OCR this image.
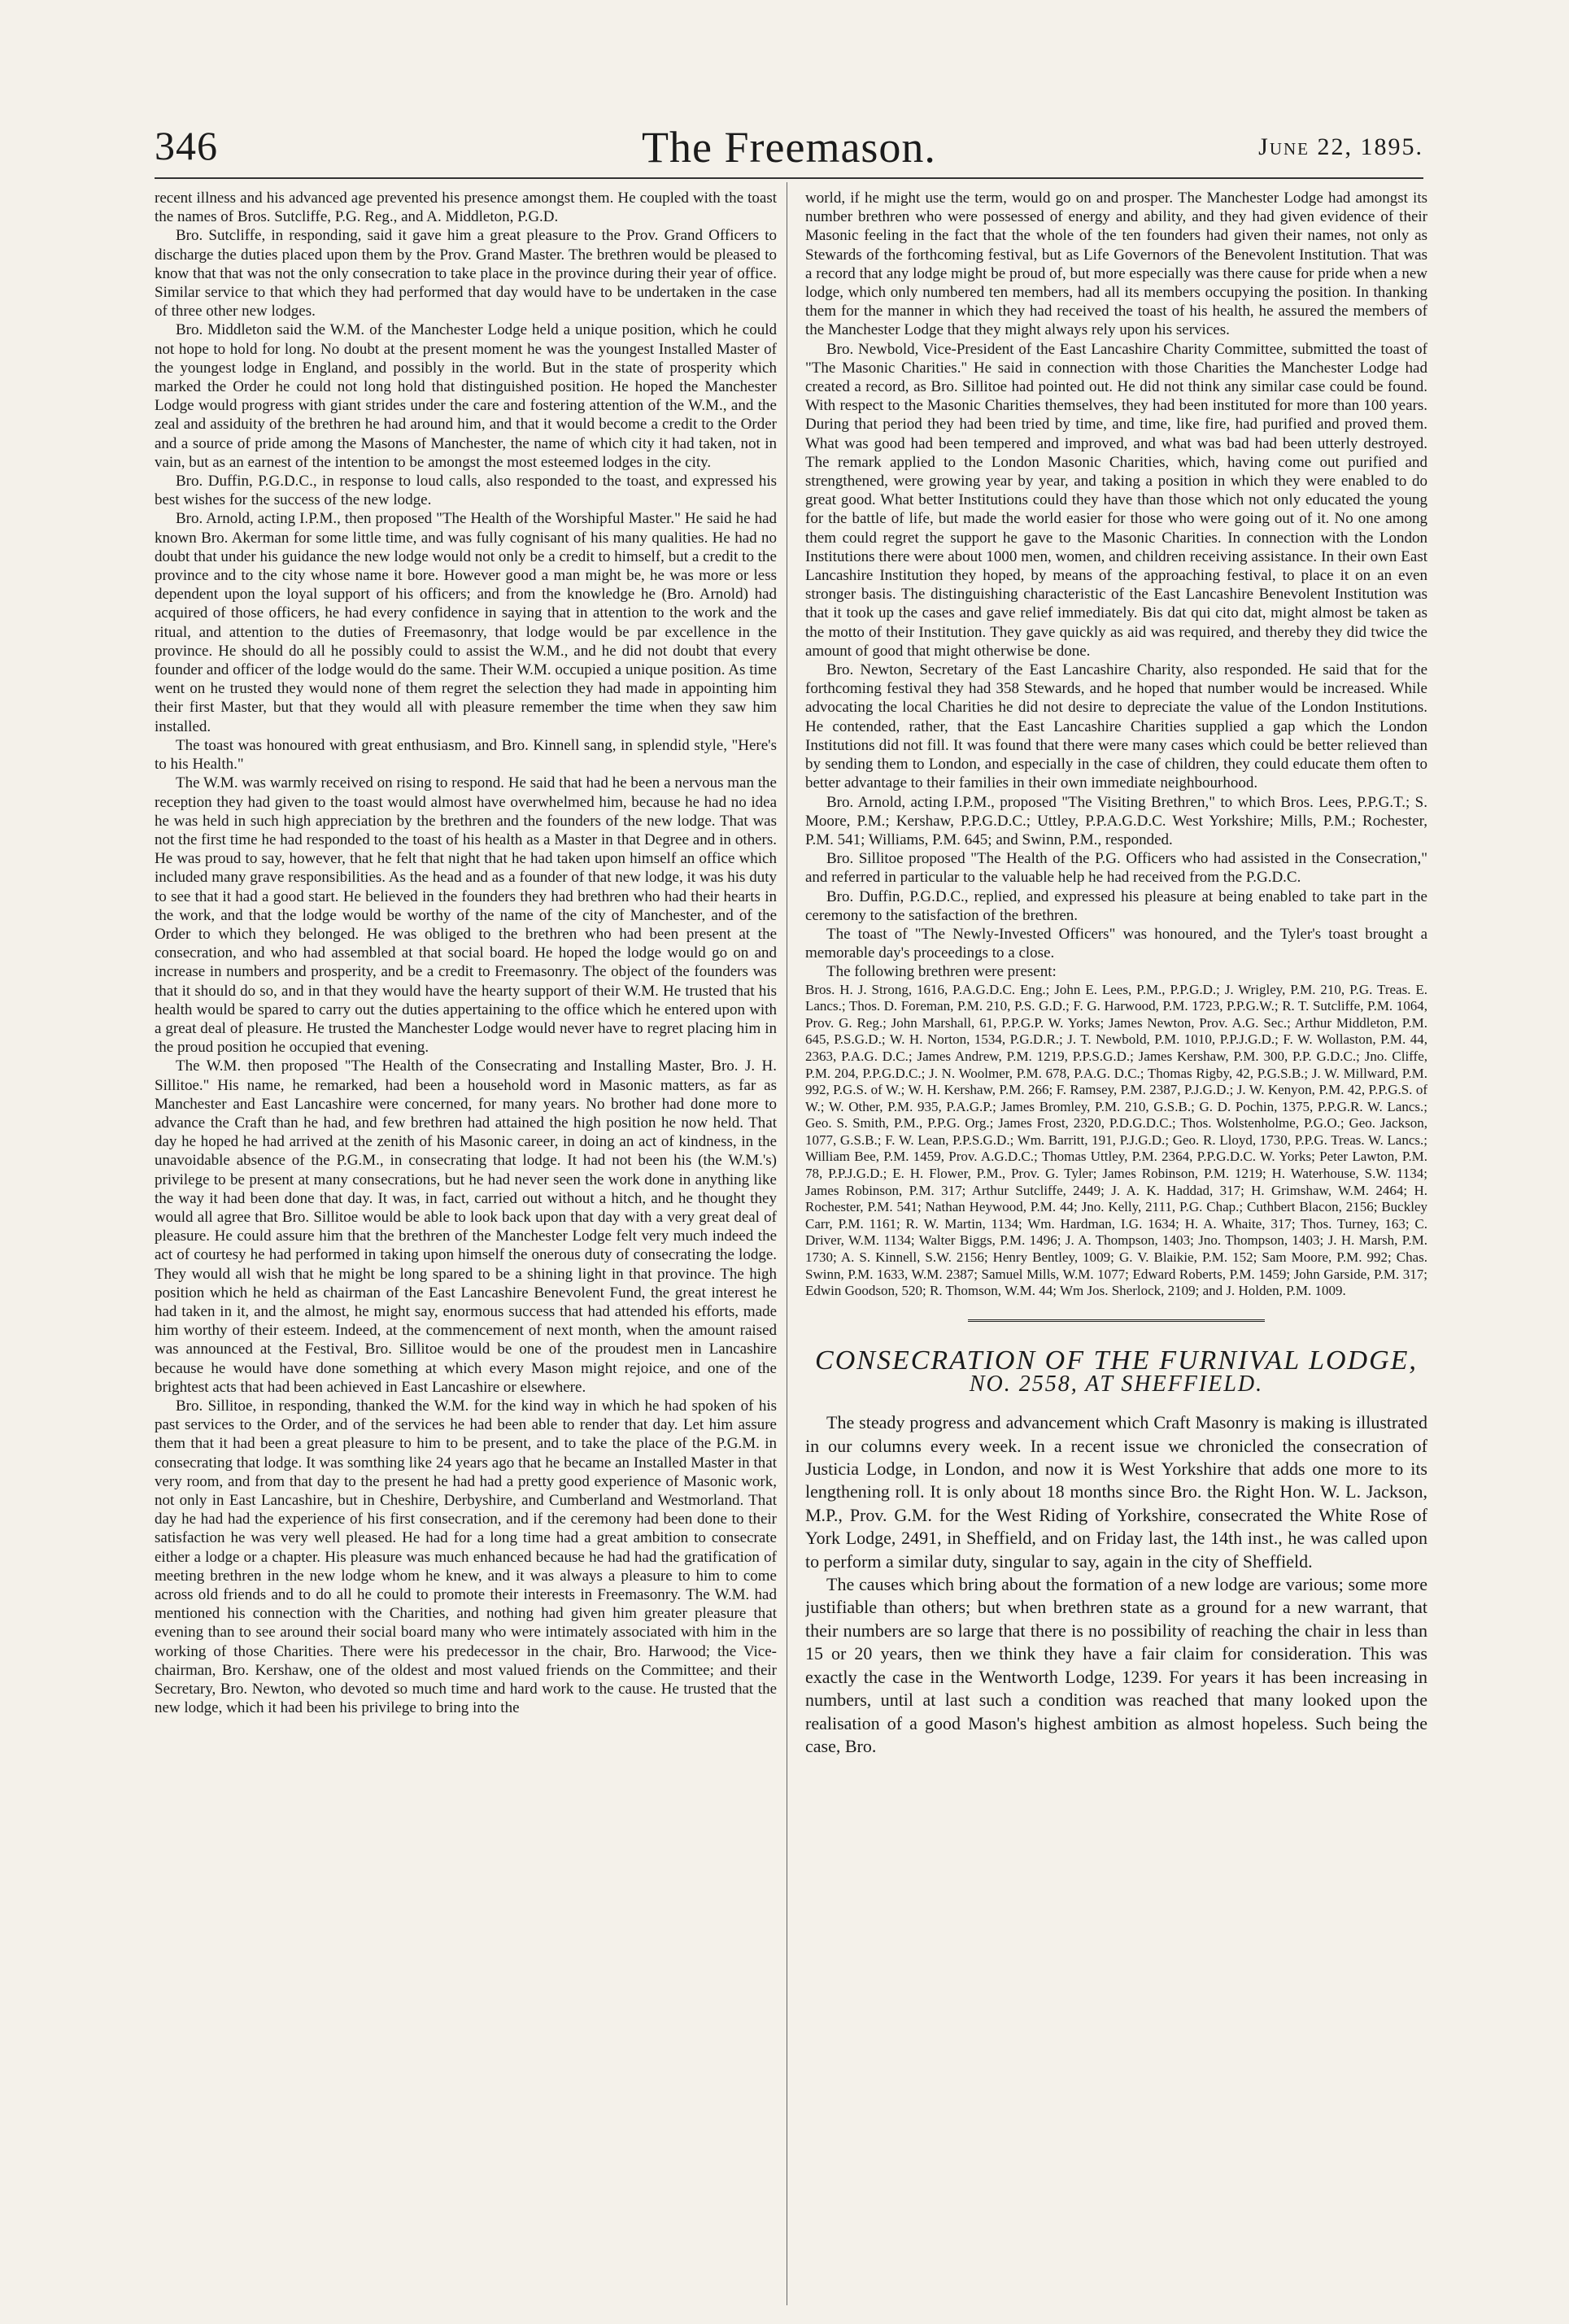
346	The Freemason.	June 22, 1895.

recent illness and his advanced age prevented his presence amongst them. He coupled with the toast the names of Bros. Sutcliffe, P.G. Reg., and A. Middleton, P.G.D.

Bro. Sutcliffe, in responding, said it gave him a great pleasure to the Prov. Grand Officers to discharge the duties placed upon them by the Prov. Grand Master. The brethren would be pleased to know that that was not the only consecration to take place in the province during their year of office. Similar service to that which they had performed that day would have to be undertaken in the case of three other new lodges.

Bro. Middleton said the W.M. of the Manchester Lodge held a unique position, which he could not hope to hold for long. No doubt at the present moment he was the youngest Installed Master of the youngest lodge in England, and possibly in the world. But in the state of prosperity which marked the Order he could not long hold that distinguished position. He hoped the Manchester Lodge would progress with giant strides under the care and fostering attention of the W.M., and the zeal and assiduity of the brethren he had around him, and that it would become a credit to the Order and a source of pride among the Masons of Manchester, the name of which city it had taken, not in vain, but as an earnest of the intention to be amongst the most esteemed lodges in the city.

Bro. Duffin, P.G.D.C., in response to loud calls, also responded to the toast, and expressed his best wishes for the success of the new lodge.

Bro. Arnold, acting I.P.M., then proposed "The Health of the Worshipful Master." He said he had known Bro. Akerman for some little time, and was fully cognisant of his many qualities. He had no doubt that under his guidance the new lodge would not only be a credit to himself, but a credit to the province and to the city whose name it bore. However good a man might be, he was more or less dependent upon the loyal support of his officers; and from the knowledge he (Bro. Arnold) had acquired of those officers, he had every confidence in saying that in attention to the work and the ritual, and attention to the duties of Freemasonry, that lodge would be par excellence in the province. He should do all he possibly could to assist the W.M., and he did not doubt that every founder and officer of the lodge would do the same. Their W.M. occupied a unique position. As time went on he trusted they would none of them regret the selection they had made in appointing him their first Master, but that they would all with pleasure remember the time when they saw him installed.

The toast was honoured with great enthusiasm, and Bro. Kinnell sang, in splendid style, "Here's to his Health."

The W.M. was warmly received on rising to respond. He said that had he been a nervous man the reception they had given to the toast would almost have overwhelmed him, because he had no idea he was held in such high appreciation by the brethren and the founders of the new lodge. That was not the first time he had responded to the toast of his health as a Master in that Degree and in others. He was proud to say, however, that he felt that night that he had taken upon himself an office which included many grave responsibilities. As the head and as a founder of that new lodge, it was his duty to see that it had a good start. He believed in the founders they had brethren who had their hearts in the work, and that the lodge would be worthy of the name of the city of Manchester, and of the Order to which they belonged. He was obliged to the brethren who had been present at the consecration, and who had assembled at that social board. He hoped the lodge would go on and increase in numbers and prosperity, and be a credit to Freemasonry. The object of the founders was that it should do so, and in that they would have the hearty support of their W.M. He trusted that his health would be spared to carry out the duties appertaining to the office which he entered upon with a great deal of pleasure. He trusted the Manchester Lodge would never have to regret placing him in the proud position he occupied that evening.

The W.M. then proposed "The Health of the Consecrating and Installing Master, Bro. J. H. Sillitoe." His name, he remarked, had been a household word in Masonic matters, as far as Manchester and East Lancashire were concerned, for many years. No brother had done more to advance the Craft than he had, and few brethren had attained the high position he now held. That day he hoped he had arrived at the zenith of his Masonic career, in doing an act of kindness, in the unavoidable absence of the P.G.M., in consecrating that lodge. It had not been his (the W.M.'s) privilege to be present at many consecrations, but he had never seen the work done in anything like the way it had been done that day. It was, in fact, carried out without a hitch, and he thought they would all agree that Bro. Sillitoe would be able to look back upon that day with a very great deal of pleasure. He could assure him that the brethren of the Manchester Lodge felt very much indeed the act of courtesy he had performed in taking upon himself the onerous duty of consecrating the lodge. They would all wish that he might be long spared to be a shining light in that province. The high position which he held as chairman of the East Lancashire Benevolent Fund, the great interest he had taken in it, and the almost, he might say, enormous success that had attended his efforts, made him worthy of their esteem. Indeed, at the commencement of next month, when the amount raised was announced at the Festival, Bro. Sillitoe would be one of the proudest men in Lancashire because he would have done something at which every Mason might rejoice, and one of the brightest acts that had been achieved in East Lancashire or elsewhere.

Bro. Sillitoe, in responding, thanked the W.M. for the kind way in which he had spoken of his past services to the Order, and of the services he had been able to render that day. Let him assure them that it had been a great pleasure to him to be present, and to take the place of the P.G.M. in consecrating that lodge. It was somthing like 24 years ago that he became an Installed Master in that very room, and from that day to the present he had had a pretty good experience of Masonic work, not only in East Lancashire, but in Cheshire, Derbyshire, and Cumberland and Westmorland. That day he had had the experience of his first consecration, and if the ceremony had been done to their satisfaction he was very well pleased. He had for a long time had a great ambition to consecrate either a lodge or a chapter. His pleasure was much enhanced because he had had the gratification of meeting brethren in the new lodge whom he knew, and it was always a pleasure to him to come across old friends and to do all he could to promote their interests in Freemasonry. The W.M. had mentioned his connection with the Charities, and nothing had given him greater pleasure that evening than to see around their social board many who were intimately associated with him in the working of those Charities. There were his predecessor in the chair, Bro. Harwood; the Vice-chairman, Bro. Kershaw, one of the oldest and most valued friends on the Committee; and their Secretary, Bro. Newton, who devoted so much time and hard work to the cause. He trusted that the new lodge, which it had been his privilege to bring into the

world, if he might use the term, would go on and prosper. The Manchester Lodge had amongst its number brethren who were possessed of energy and ability, and they had given evidence of their Masonic feeling in the fact that the whole of the ten founders had given their names, not only as Stewards of the forthcoming festival, but as Life Governors of the Benevolent Institution. That was a record that any lodge might be proud of, but more especially was there cause for pride when a new lodge, which only numbered ten members, had all its members occupying the position. In thanking them for the manner in which they had received the toast of his health, he assured the members of the Manchester Lodge that they might always rely upon his services.

Bro. Newbold, Vice-President of the East Lancashire Charity Committee, submitted the toast of "The Masonic Charities." He said in connection with those Charities the Manchester Lodge had created a record, as Bro. Sillitoe had pointed out. He did not think any similar case could be found. With respect to the Masonic Charities themselves, they had been instituted for more than 100 years. During that period they had been tried by time, and time, like fire, had purified and proved them. What was good had been tempered and improved, and what was bad had been utterly destroyed. The remark applied to the London Masonic Charities, which, having come out purified and strengthened, were growing year by year, and taking a position in which they were enabled to do great good. What better Institutions could they have than those which not only educated the young for the battle of life, but made the world easier for those who were going out of it. No one among them could regret the support he gave to the Masonic Charities. In connection with the London Institutions there were about 1000 men, women, and children receiving assistance. In their own East Lancashire Institution they hoped, by means of the approaching festival, to place it on an even stronger basis. The distinguishing characteristic of the East Lancashire Benevolent Institution was that it took up the cases and gave relief immediately. Bis dat qui cito dat, might almost be taken as the motto of their Institution. They gave quickly as aid was required, and thereby they did twice the amount of good that might otherwise be done.

Bro. Newton, Secretary of the East Lancashire Charity, also responded. He said that for the forthcoming festival they had 358 Stewards, and he hoped that number would be increased. While advocating the local Charities he did not desire to depreciate the value of the London Institutions. He contended, rather, that the East Lancashire Charities supplied a gap which the London Institutions did not fill. It was found that there were many cases which could be better relieved than by sending them to London, and especially in the case of children, they could educate them often to better advantage to their families in their own immediate neighbourhood.

Bro. Arnold, acting I.P.M., proposed "The Visiting Brethren," to which Bros. Lees, P.P.G.T.; S. Moore, P.M.; Kershaw, P.P.G.D.C.; Uttley, P.P.A.G.D.C. West Yorkshire; Mills, P.M.; Rochester, P.M. 541; Williams, P.M. 645; and Swinn, P.M., responded.

Bro. Sillitoe proposed "The Health of the P.G. Officers who had assisted in the Consecration," and referred in particular to the valuable help he had received from the P.G.D.C.

Bro. Duffin, P.G.D.C., replied, and expressed his pleasure at being enabled to take part in the ceremony to the satisfaction of the brethren.

The toast of "The Newly-Invested Officers" was honoured, and the Tyler's toast brought a memorable day's proceedings to a close.

The following brethren were present:

Bros. H. J. Strong, 1616, P.A.G.D.C. Eng.; John E. Lees, P.M., P.P.G.D.; J. Wrigley, P.M. 210, P.G. Treas. E. Lancs.; Thos. D. Foreman, P.M. 210, P.S. G.D.; F. G. Harwood, P.M. 1723, P.P.G.W.; R. T. Sutcliffe, P.M. 1064, Prov. G. Reg.; John Marshall, 61, P.P.G.P. W. Yorks; James Newton, Prov. A.G. Sec.; Arthur Middleton, P.M. 645, P.S.G.D.; W. H. Norton, 1534, P.G.D.R.; J. T. Newbold, P.M. 1010, P.P.J.G.D.; F. W. Wollaston, P.M. 44, 2363, P.A.G. D.C.; James Andrew, P.M. 1219, P.P.S.G.D.; James Kershaw, P.M. 300, P.P. G.D.C.; Jno. Cliffe, P.M. 204, P.P.G.D.C.; J. N. Woolmer, P.M. 678, P.A.G. D.C.; Thomas Rigby, 42, P.G.S.B.; J. W. Millward, P.M. 992, P.G.S. of W.; W. H. Kershaw, P.M. 266; F. Ramsey, P.M. 2387, P.J.G.D.; J. W. Kenyon, P.M. 42, P.P.G.S. of W.; W. Other, P.M. 935, P.A.G.P.; James Bromley, P.M. 210, G.S.B.; G. D. Pochin, 1375, P.P.G.R. W. Lancs.; Geo. S. Smith, P.M., P.P.G. Org.; James Frost, 2320, P.D.G.D.C.; Thos. Wolstenholme, P.G.O.; Geo. Jackson, 1077, G.S.B.; F. W. Lean, P.P.S.G.D.; Wm. Barritt, 191, P.J.G.D.; Geo. R. Lloyd, 1730, P.P.G. Treas. W. Lancs.; William Bee, P.M. 1459, Prov. A.G.D.C.; Thomas Uttley, P.M. 2364, P.P.G.D.C. W. Yorks; Peter Lawton, P.M. 78, P.P.J.G.D.; E. H. Flower, P.M., Prov. G. Tyler; James Robinson, P.M. 1219; H. Waterhouse, S.W. 1134; James Robinson, P.M. 317; Arthur Sutcliffe, 2449; J. A. K. Haddad, 317; H. Grimshaw, W.M. 2464; H. Rochester, P.M. 541; Nathan Heywood, P.M. 44; Jno. Kelly, 2111, P.G. Chap.; Cuthbert Blacon, 2156; Buckley Carr, P.M. 1161; R. W. Martin, 1134; Wm. Hardman, I.G. 1634; H. A. Whaite, 317; Thos. Turney, 163; C. Driver, W.M. 1134; Walter Biggs, P.M. 1496; J. A. Thompson, 1403; Jno. Thompson, 1403; J. H. Marsh, P.M. 1730; A. S. Kinnell, S.W. 2156; Henry Bentley, 1009; G. V. Blaikie, P.M. 152; Sam Moore, P.M. 992; Chas. Swinn, P.M. 1633, W.M. 2387; Samuel Mills, W.M. 1077; Edward Roberts, P.M. 1459; John Garside, P.M. 317; Edwin Goodson, 520; R. Thomson, W.M. 44; Wm Jos. Sherlock, 2109; and J. Holden, P.M. 1009.

CONSECRATION OF THE FURNIVAL LODGE,
NO. 2558, AT SHEFFIELD.

The steady progress and advancement which Craft Masonry is making is illustrated in our columns every week. In a recent issue we chronicled the consecration of Justicia Lodge, in London, and now it is West Yorkshire that adds one more to its lengthening roll. It is only about 18 months since Bro. the Right Hon. W. L. Jackson, M.P., Prov. G.M. for the West Riding of Yorkshire, consecrated the White Rose of York Lodge, 2491, in Sheffield, and on Friday last, the 14th inst., he was called upon to perform a similar duty, singular to say, again in the city of Sheffield.

The causes which bring about the formation of a new lodge are various; some more justifiable than others; but when brethren state as a ground for a new warrant, that their numbers are so large that there is no possibility of reaching the chair in less than 15 or 20 years, then we think they have a fair claim for consideration. This was exactly the case in the Wentworth Lodge, 1239. For years it has been increasing in numbers, until at last such a condition was reached that many looked upon the realisation of a good Mason's highest ambition as almost hopeless. Such being the case, Bro.
